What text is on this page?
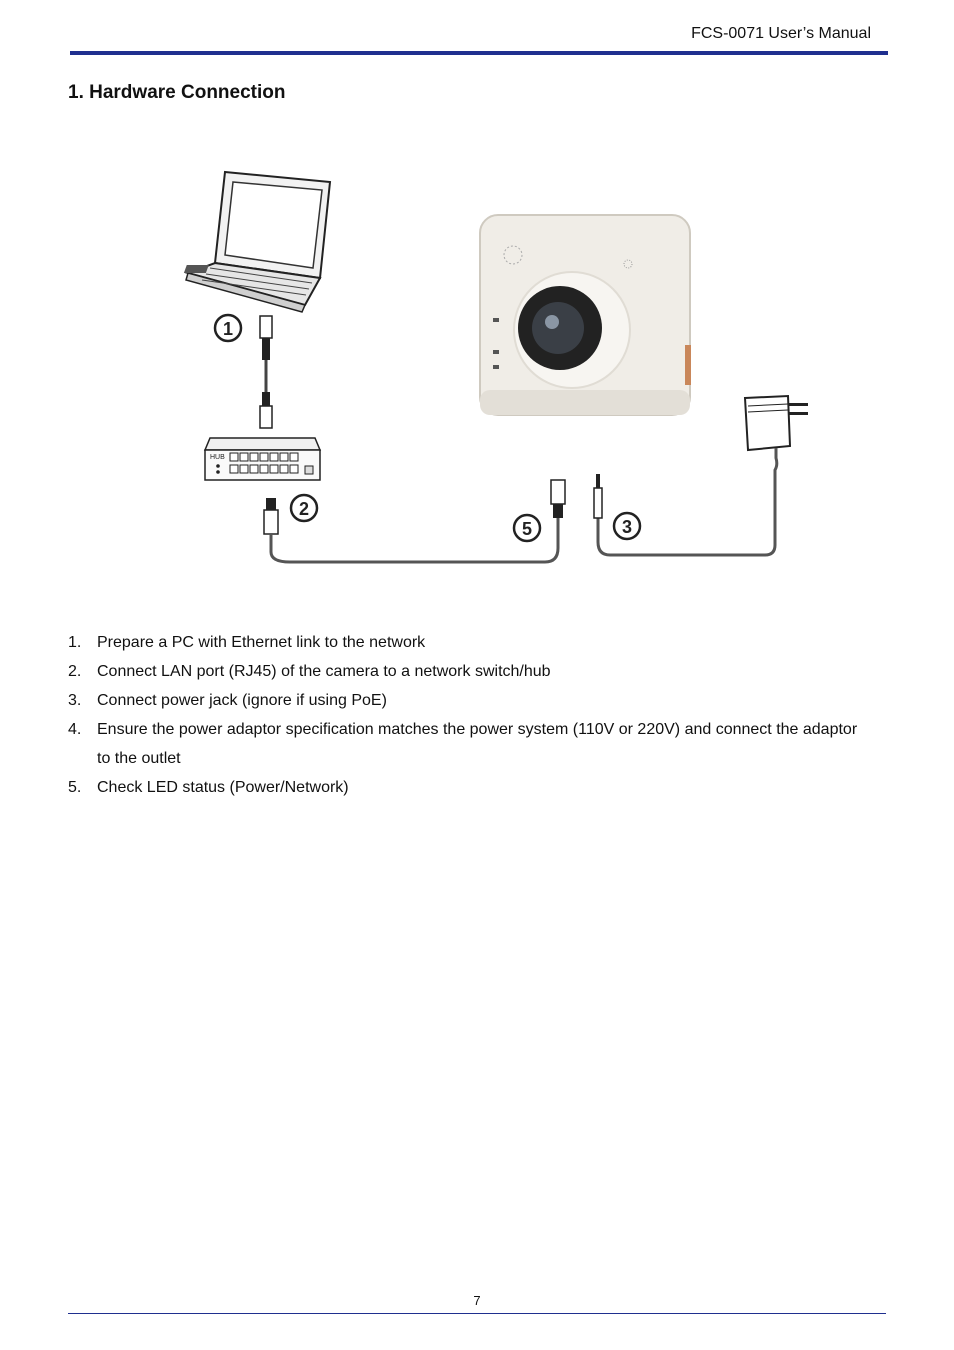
FCS-0071 User’s Manual
1. Hardware Connection
HUB
1
2
5	3
1. Prepare a PC with Ethernet link to the network
2. Connect LAN port (RJ45) of the camera to a network switch/hub
3. Connect power jack (ignore if using PoE)
4. Ensure the power adaptor specification matches the power system (110V or 220V) and connect the adaptor to the outlet
5. Check LED status (Power/Network)
7
